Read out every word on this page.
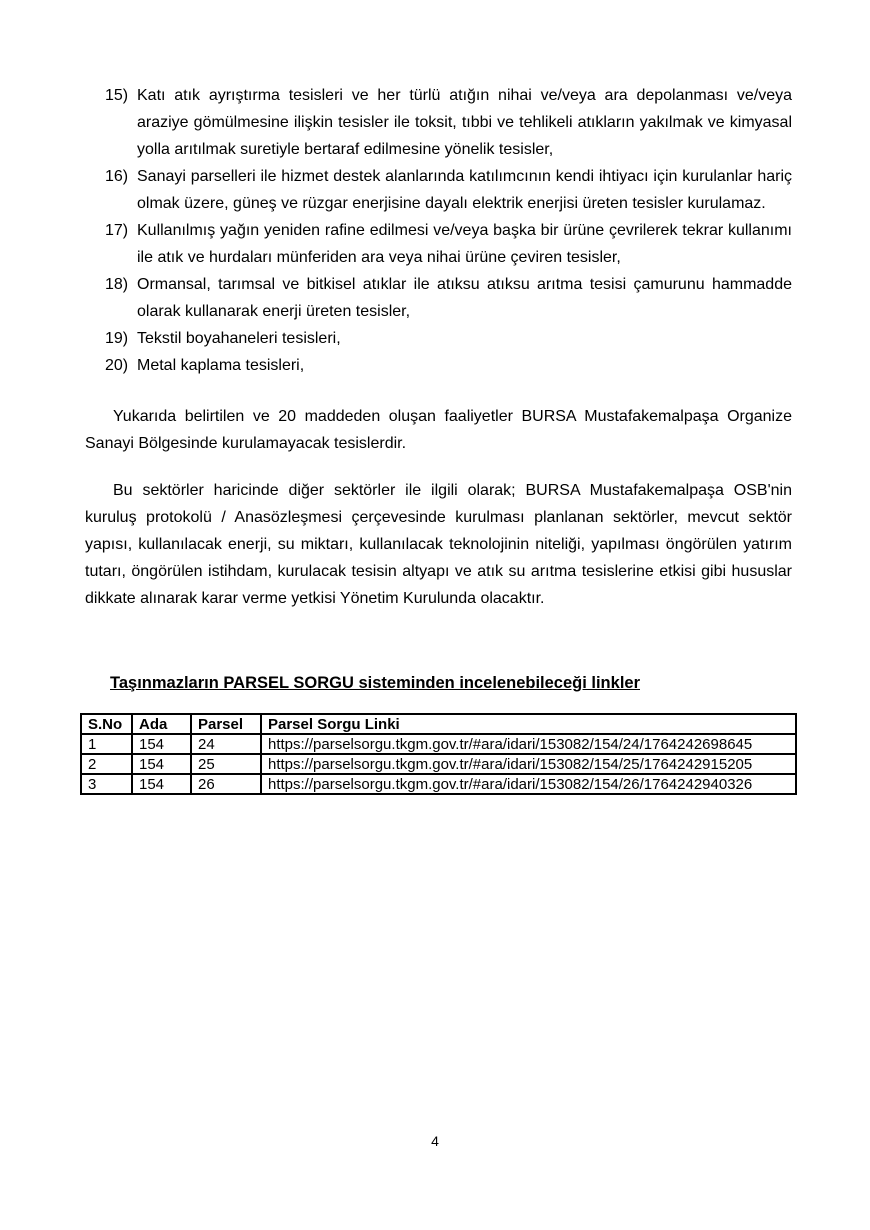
15) Katı atık ayrıştırma tesisleri ve her türlü atığın nihai ve/veya ara depolanması ve/veya araziye gömülmesine ilişkin tesisler ile toksit, tıbbi ve tehlikeli atıkların yakılmak ve kimyasal yolla arıtılmak suretiyle bertaraf edilmesine yönelik tesisler,
16) Sanayi parselleri ile hizmet destek alanlarında katılımcının kendi ihtiyacı için kurulanlar hariç olmak üzere, güneş ve rüzgar enerjisine dayalı elektrik enerjisi üreten tesisler kurulamaz.
17) Kullanılmış yağın yeniden rafine edilmesi ve/veya başka bir ürüne çevrilerek tekrar kullanımı ile atık ve hurdaları münferiden ara veya nihai ürüne çeviren tesisler,
18) Ormansal, tarımsal ve bitkisel atıklar ile atıksu atıksu arıtma tesisi çamurunu hammadde olarak kullanarak enerji üreten tesisler,
19) Tekstil boyahaneleri tesisleri,
20) Metal kaplama tesisleri,

Yukarıda belirtilen ve 20 maddeden oluşan faaliyetler BURSA Mustafakemalpaşa Organize Sanayi Bölgesinde kurulamayacak tesislerdir.

Bu sektörler haricinde diğer sektörler ile ilgili olarak; BURSA Mustafakemalpaşa OSB'nin kuruluş protokolü / Anasözleşmesi çerçevesinde kurulması planlanan sektörler, mevcut sektör yapısı, kullanılacak enerji, su miktarı, kullanılacak teknolojinin niteliği, yapılması öngörülen yatırım tutarı, öngörülen istihdam, kurulacak tesisin altyapı ve atık su arıtma tesislerine etkisi gibi hususlar dikkate alınarak karar verme yetkisi Yönetim Kurulunda olacaktır.

Taşınmazların PARSEL SORGU sisteminden incelenebileceği linkler
S.No	Ada	Parsel	Parsel Sorgu Linki
1	154	24	https://parselsorgu.tkgm.gov.tr/#ara/idari/153082/154/24/1764242698645
2	154	25	https://parselsorgu.tkgm.gov.tr/#ara/idari/153082/154/25/1764242915205
3	154	26	https://parselsorgu.tkgm.gov.tr/#ara/idari/153082/154/26/1764242940326
4
